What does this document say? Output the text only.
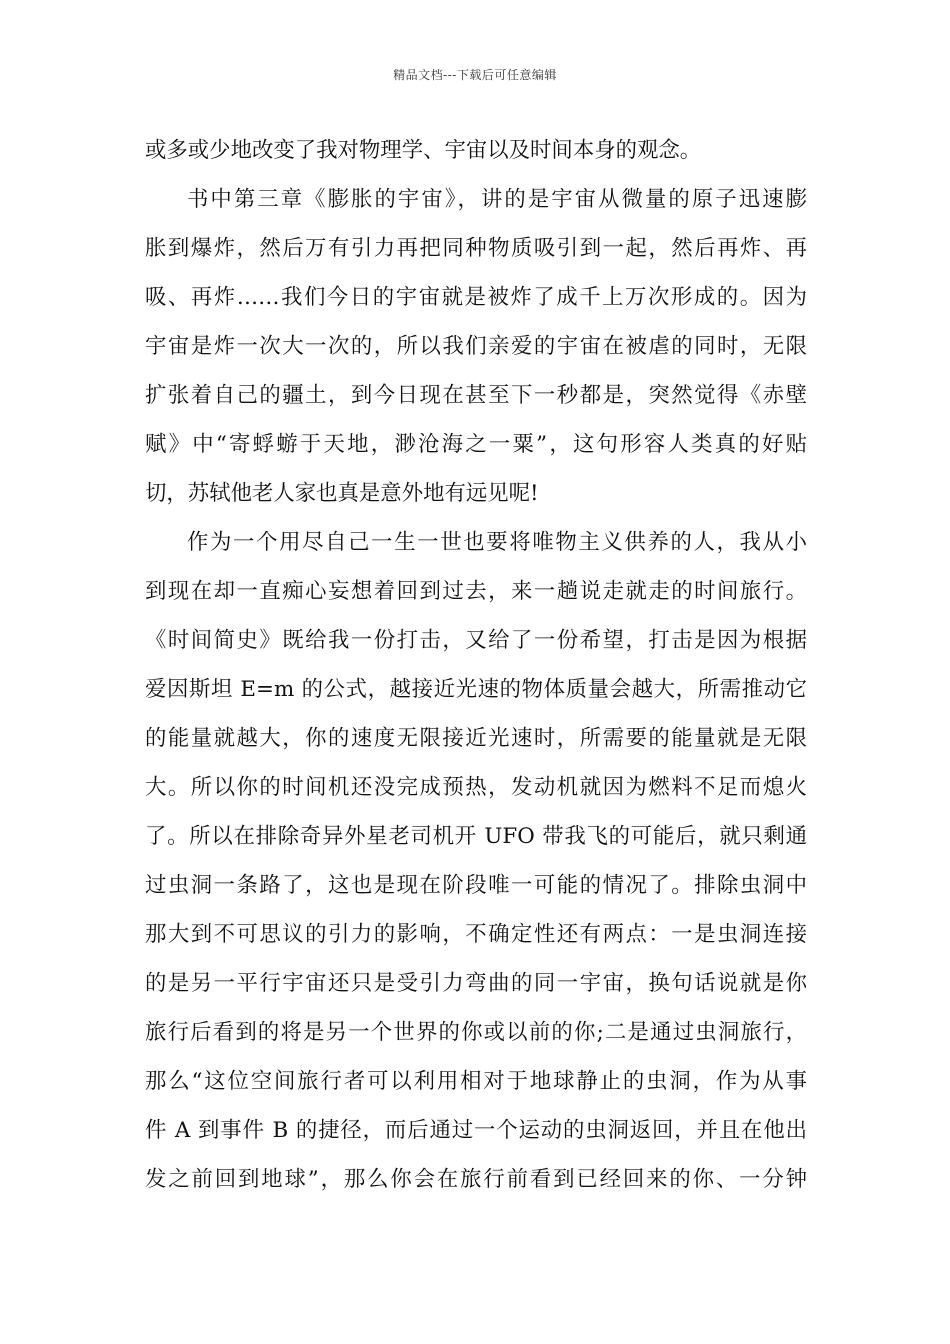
精品文档---下载后可任意编辑
或多或少地改变了我对物理学、宇宙以及时间本身的观念。
书中第三章《膨胀的宇宙》，讲的是宇宙从微量的原子迅速膨
胀到爆炸，然后万有引力再把同种物质吸引到一起，然后再炸、再
吸、再炸……我们今日的宇宙就是被炸了成千上万次形成的。因为
宇宙是炸一次大一次的，所以我们亲爱的宇宙在被虐的同时，无限
扩张着自己的疆土，到今日现在甚至下一秒都是，突然觉得《赤壁
赋》中“寄蜉蝣于天地，渺沧海之一粟”，这句形容人类真的好贴
切，苏轼他老人家也真是意外地有远见呢!
作为一个用尽自己一生一世也要将唯物主义供养的人，我从小
到现在却一直痴心妄想着回到过去，来一趟说走就走的时间旅行。
《时间简史》既给我一份打击，又给了一份希望，打击是因为根据
爱因斯坦 E=m 的公式，越接近光速的物体质量会越大，所需推动它
的能量就越大，你的速度无限接近光速时，所需要的能量就是无限
大。所以你的时间机还没完成预热，发动机就因为燃料不足而熄火
了。所以在排除奇异外星老司机开 UFO 带我飞的可能后，就只剩通
过虫洞一条路了，这也是现在阶段唯一可能的情况了。排除虫洞中
那大到不可思议的引力的影响，不确定性还有两点：一是虫洞连接
的是另一平行宇宙还只是受引力弯曲的同一宇宙，换句话说就是你
旅行后看到的将是另一个世界的你或以前的你;二是通过虫洞旅行，
那么“这位空间旅行者可以利用相对于地球静止的虫洞，作为从事
件 A 到事件 B 的捷径，而后通过一个运动的虫洞返回，并且在他出
发之前回到地球”，那么你会在旅行前看到已经回来的你、一分钟
